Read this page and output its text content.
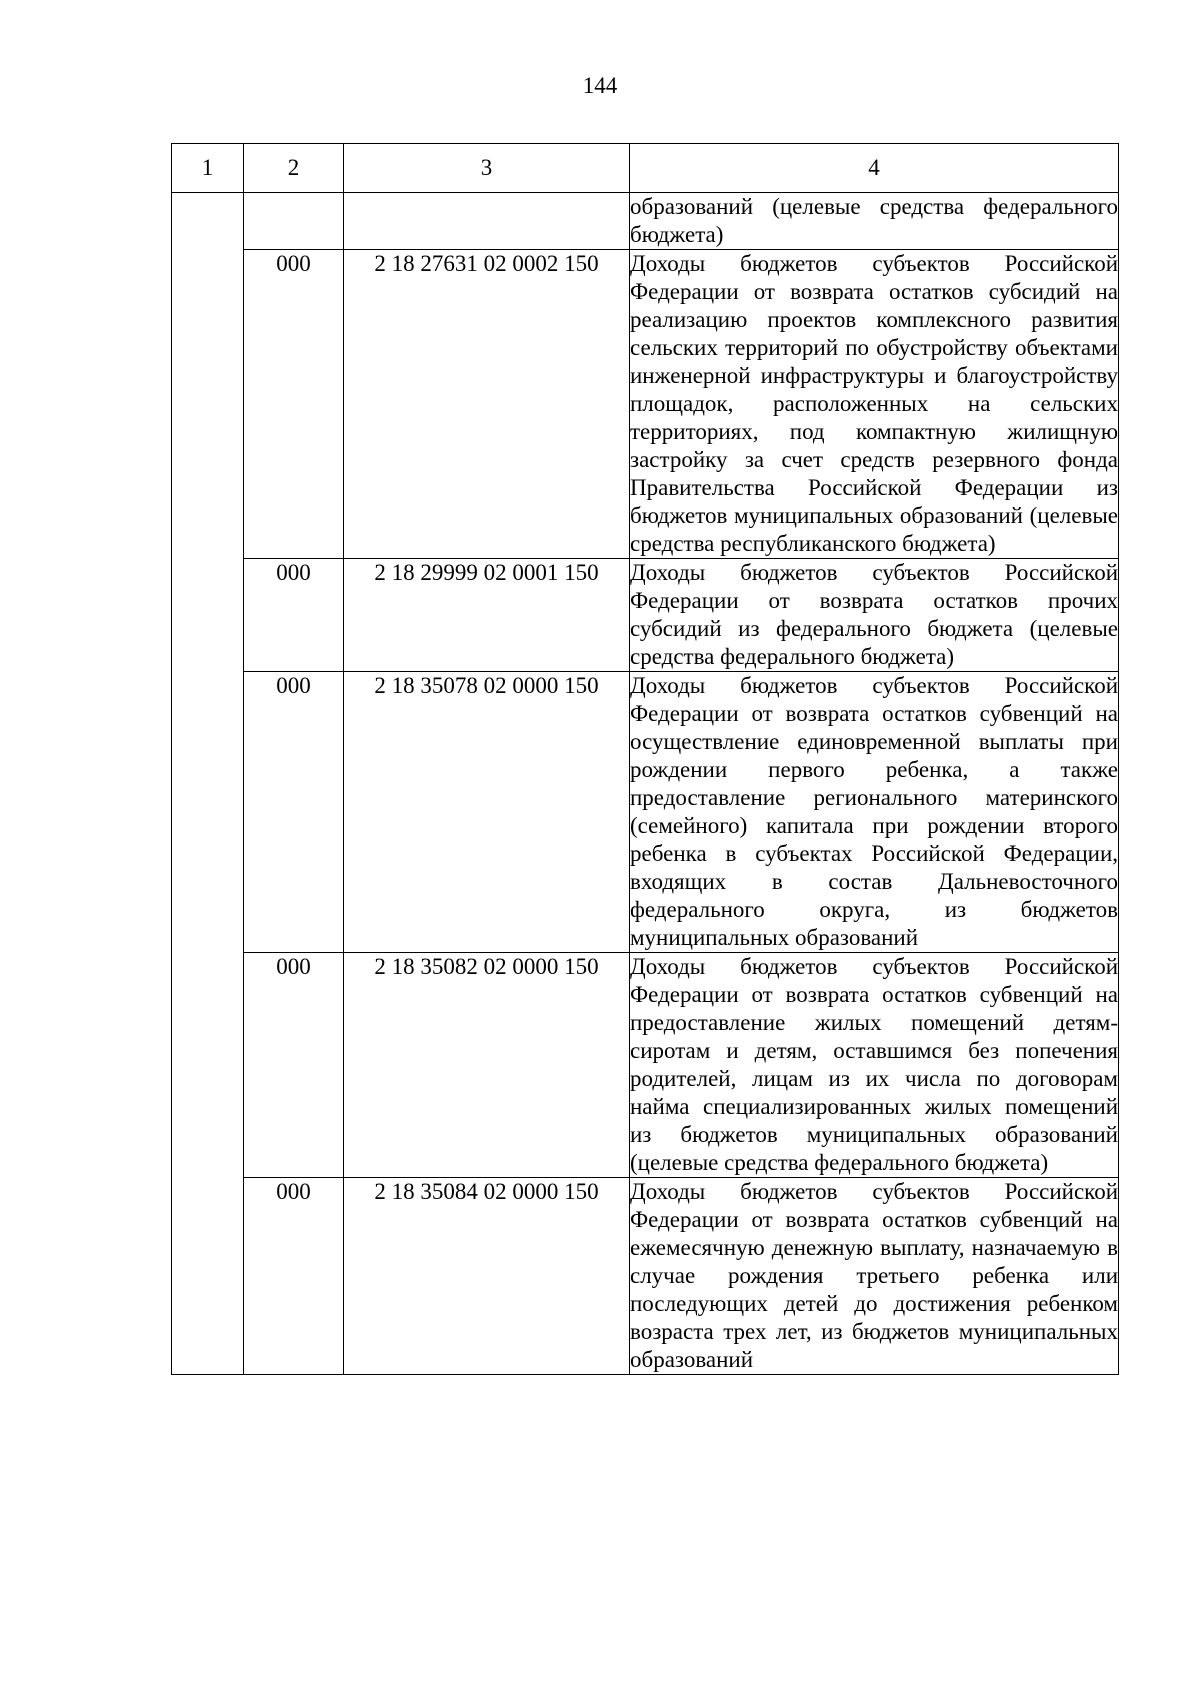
144
1	2	3	4
			образований (целевые средства федерального бюджета)
	000	2 18 27631 02 0002 150	Доходы бюджетов субъектов Российской Федерации от возврата остатков субсидий на реализацию проектов комплексного развития сельских территорий по обустройству объектами инженерной инфраструктуры и благоустройству площадок, расположенных на сельских территориях, под компактную жилищную застройку за счет средств резервного фонда Правительства Российской Федерации из бюджетов муниципальных образований (целевые средства республиканского бюджета)
	000	2 18 29999 02 0001 150	Доходы бюджетов субъектов Российской Федерации от возврата остатков прочих субсидий из федерального бюджета (целевые средства федерального бюджета)
	000	2 18 35078 02 0000 150	Доходы бюджетов субъектов Российской Федерации от возврата остатков субвенций на осуществление единовременной выплаты при рождении первого ребенка, а также предоставление регионального материнского (семейного) капитала при рождении второго ребенка в субъектах Российской Федерации, входящих в состав Дальневосточного федерального округа, из бюджетов муниципальных образований
	000	2 18 35082 02 0000 150	Доходы бюджетов субъектов Российской Федерации от возврата остатков субвенций на предоставление жилых помещений детям-сиротам и детям, оставшимся без попечения родителей, лицам из их числа по договорам найма специализированных жилых помещений из бюджетов муниципальных образований (целевые средства федерального бюджета)
	000	2 18 35084 02 0000 150	Доходы бюджетов субъектов Российской Федерации от возврата остатков субвенций на ежемесячную денежную выплату, назначаемую в случае рождения третьего ребенка или последующих детей до достижения ребенком возраста трех лет, из бюджетов муниципальных образований
